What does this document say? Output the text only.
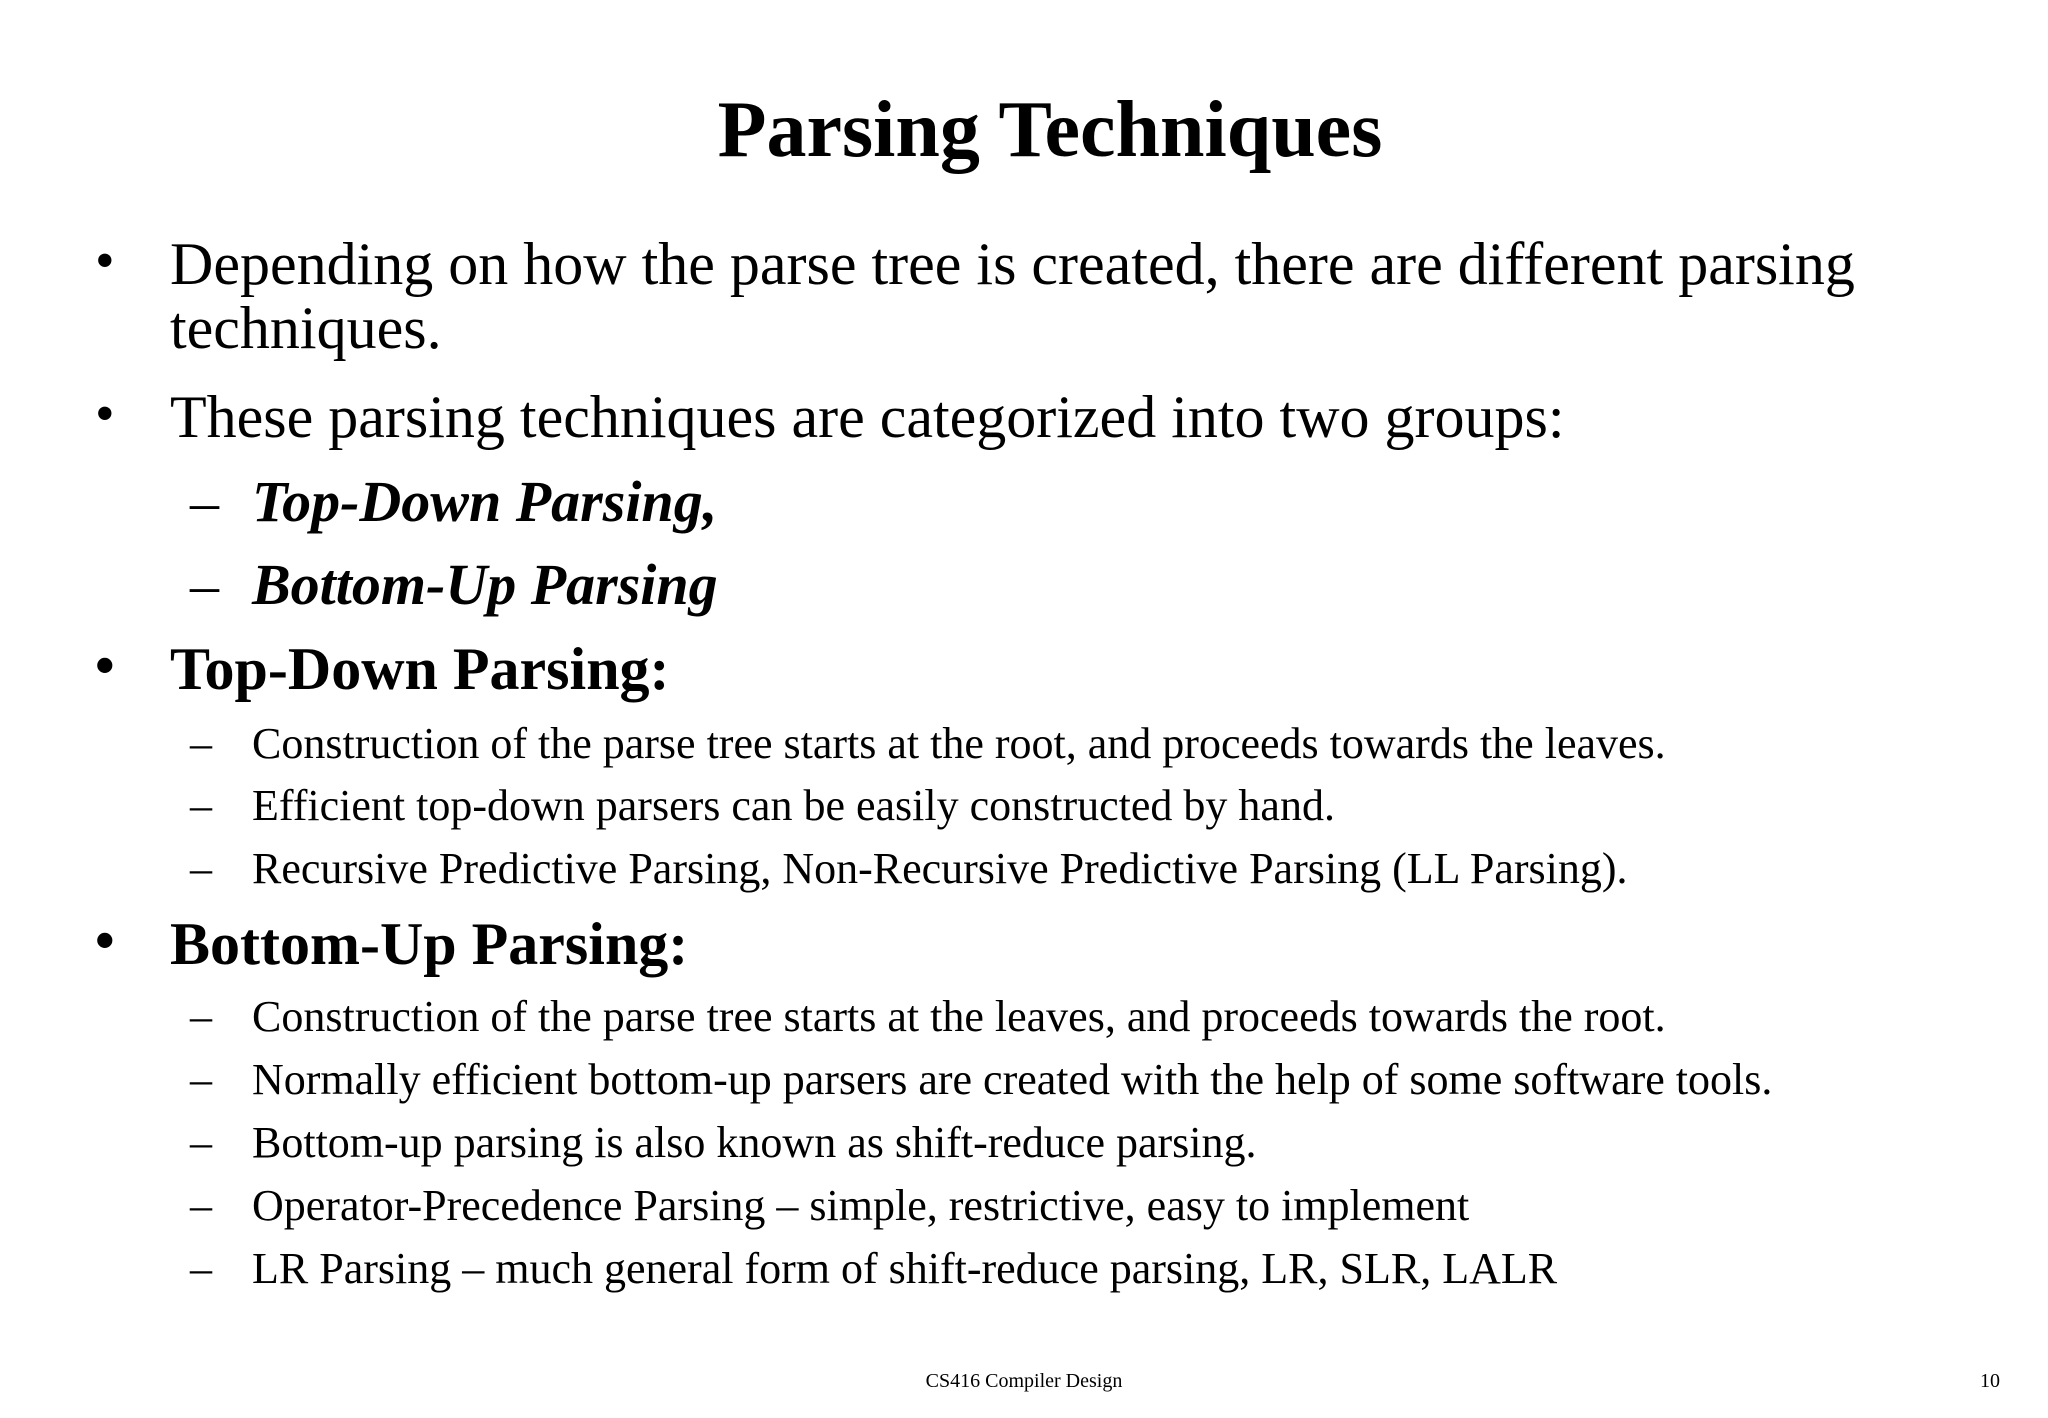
Parsing Techniques
• Depending on how the parse tree is created, there are different parsing techniques.
• These parsing techniques are categorized into two groups:
– Top-Down Parsing,
– Bottom-Up Parsing
• Top-Down Parsing:
– Construction of the parse tree starts at the root, and proceeds towards the leaves.
– Efficient top-down parsers can be easily constructed by hand.
– Recursive Predictive Parsing, Non-Recursive Predictive Parsing (LL Parsing).
• Bottom-Up Parsing:
– Construction of the parse tree starts at the leaves, and proceeds towards the root.
– Normally efficient bottom-up parsers are created with the help of some software tools.
– Bottom-up parsing is also known as shift-reduce parsing.
– Operator-Precedence Parsing – simple, restrictive, easy to implement
– LR Parsing – much general form of shift-reduce parsing, LR, SLR, LALR
CS416 Compiler Design	10
